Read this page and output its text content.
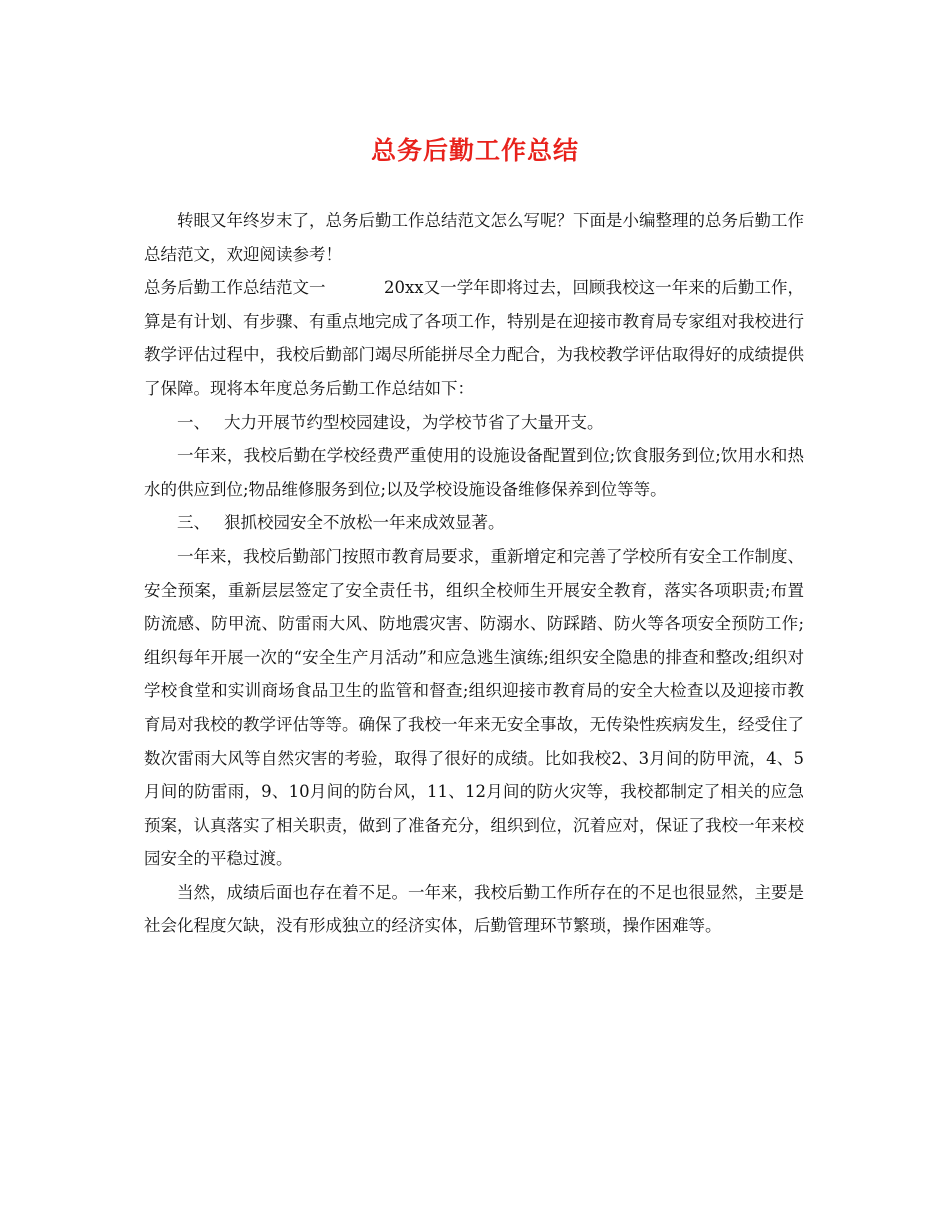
总务后勤工作总结

转眼又年终岁末了，总务后勤工作总结范文怎么写呢？下面是小编整理的总务后勤工作总结范文，欢迎阅读参考！

总务后勤工作总结范文一	20xx又一学年即将过去，回顾我校这一年来的后勤工作，算是有计划、有步骤、有重点地完成了各项工作，特别是在迎接市教育局专家组对我校进行教学评估过程中，我校后勤部门竭尽所能拼尽全力配合，为我校教学评估取得好的成绩提供了保障。现将本年度总务后勤工作总结如下：

一、 大力开展节约型校园建设，为学校节省了大量开支。

一年来，我校后勤在学校经费严重使用的设施设备配置到位;饮食服务到位;饮用水和热水的供应到位;物品维修服务到位;以及学校设施设备维修保养到位等等。

三、 狠抓校园安全不放松一年来成效显著。

一年来，我校后勤部门按照市教育局要求，重新增定和完善了学校所有安全工作制度、安全预案，重新层层签定了安全责任书，组织全校师生开展安全教育，落实各项职责;布置防流感、防甲流、防雷雨大风、防地震灾害、防溺水、防踩踏、防火等各项安全预防工作;组织每年开展一次的“安全生产月活动”和应急逃生演练;组织安全隐患的排查和整改;组织对学校食堂和实训商场食品卫生的监管和督查;组织迎接市教育局的安全大检查以及迎接市教育局对我校的教学评估等等。确保了我校一年来无安全事故，无传染性疾病发生，经受住了数次雷雨大风等自然灾害的考验，取得了很好的成绩。比如我校2、3月间的防甲流，4、5月间的防雷雨，9、10月间的防台风，11、12月间的防火灾等，我校都制定了相关的应急预案，认真落实了相关职责，做到了准备充分，组织到位，沉着应对，保证了我校一年来校园安全的平稳过渡。

当然，成绩后面也存在着不足。一年来，我校后勤工作所存在的不足也很显然，主要是社会化程度欠缺，没有形成独立的经济实体，后勤管理环节繁琐，操作困难等。
